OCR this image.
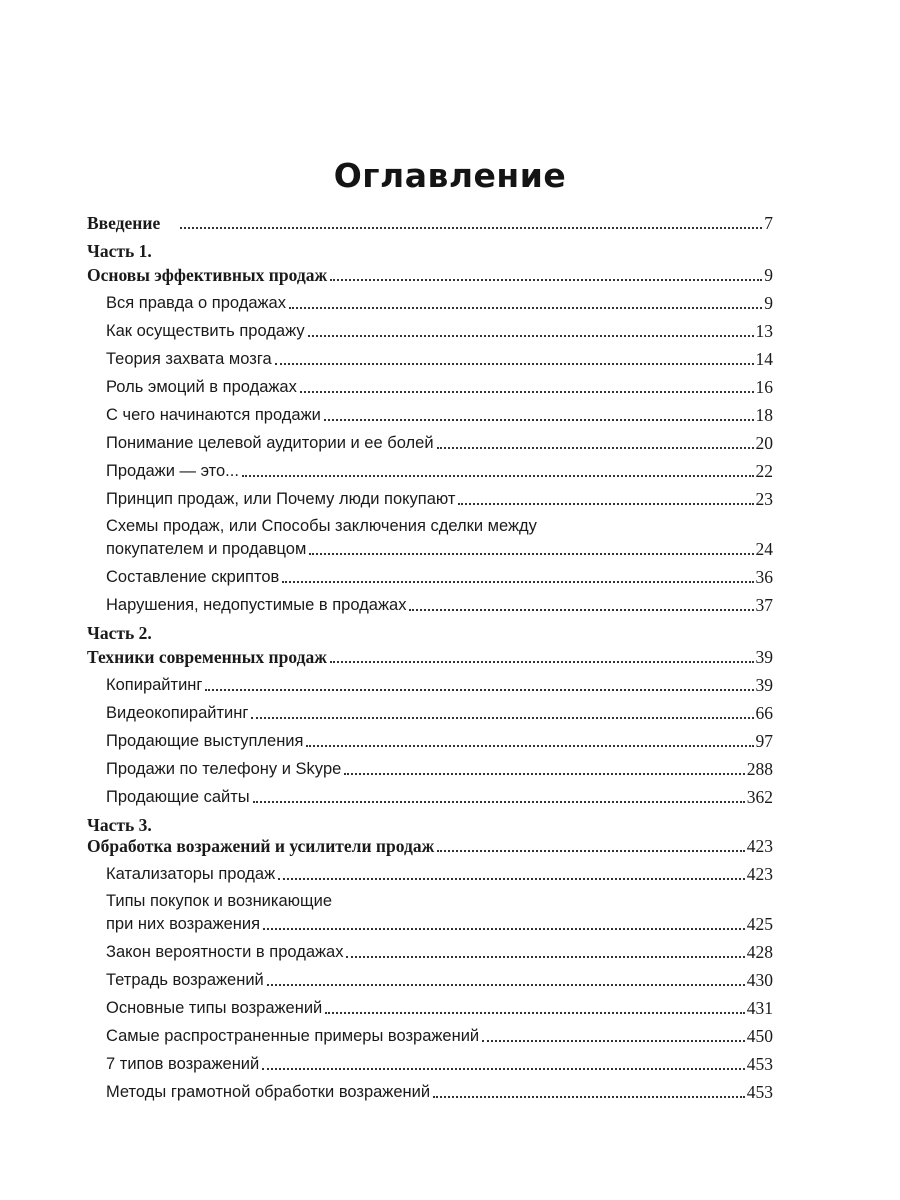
Оглавление
Введение	7
Часть 1.
Основы эффективных продаж	9
Вся правда о продажах	9
Как осуществить продажу	13
Теория захвата мозга	14
Роль эмоций в продажах	16
С чего начинаются продажи	18
Понимание целевой аудитории и ее болей	20
Продажи — это...	22
Принцип продаж, или Почему люди покупают	23
Схемы продаж, или Способы заключения сделки между
покупателем и продавцом	24
Составление скриптов	36
Нарушения, недопустимые в продажах	37
Часть 2.
Техники современных продаж	39
Копирайтинг	39
Видеокопирайтинг	66
Продающие выступления	97
Продажи по телефону и Skype	288
Продающие сайты	362
Часть 3.
Обработка возражений и усилители продаж	423
Катализаторы продаж	423
Типы покупок и возникающие
при них возражения	425
Закон вероятности в продажах	428
Тетрадь возражений	430
Основные типы возражений	431
Самые распространенные примеры возражений	450
7 типов возражений	453
Методы грамотной обработки возражений	453
